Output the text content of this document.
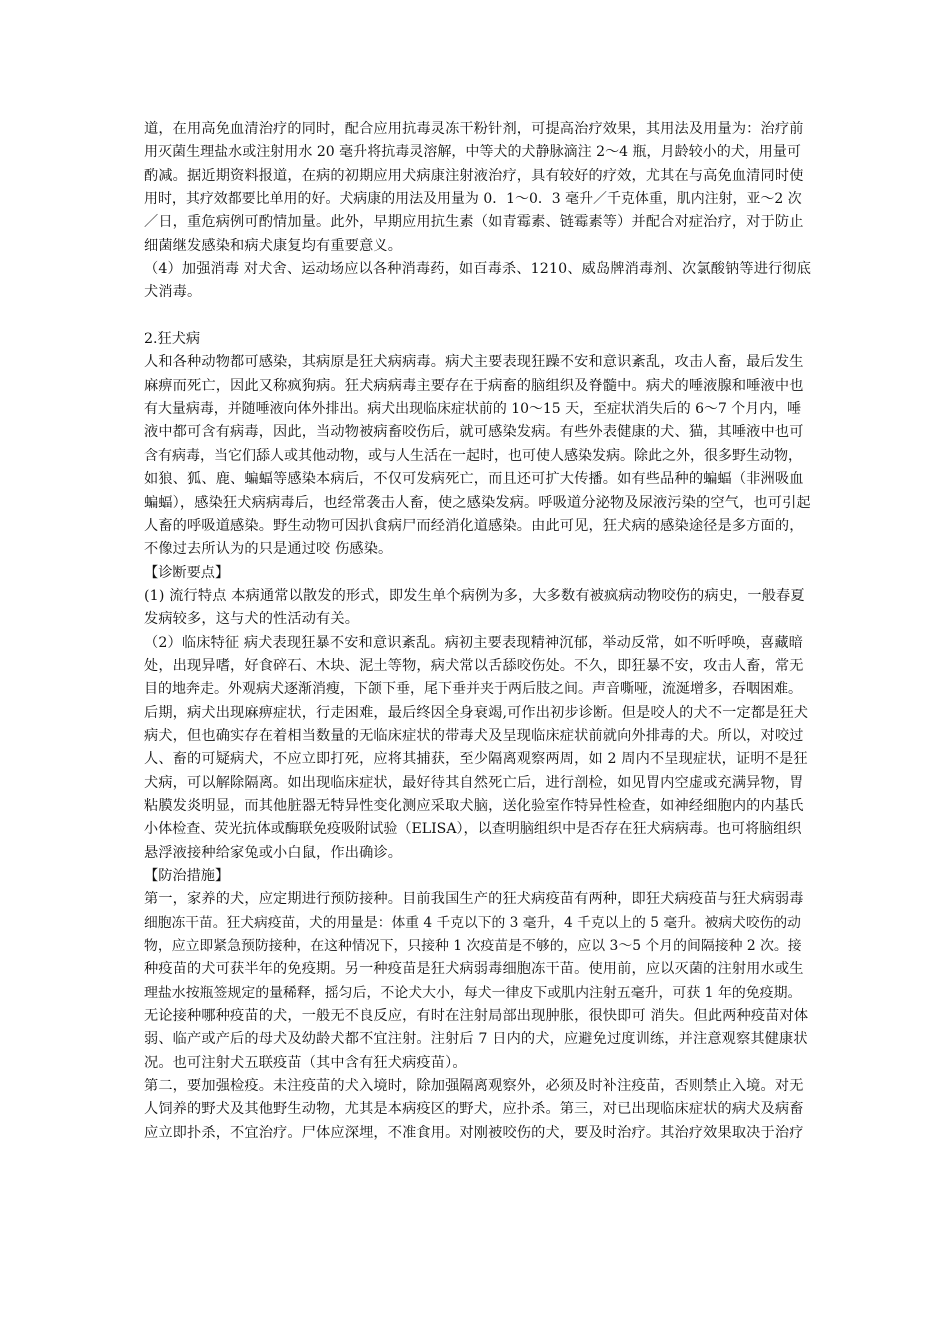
道，在用高免血清治疗的同时，配合应用抗毒灵冻干粉针剂，可提高治疗效果，其用法及用量为：治疗前
用灭菌生理盐水或注射用水 20 毫升将抗毒灵溶解，中等犬的犬静脉滴注 2～4 瓶，月龄较小的犬，用量可
酌减。据近期资料报道，在病的初期应用犬病康注射液治疗，具有较好的疗效，尤其在与高免血清同时使
用时，其疗效都要比单用的好。犬病康的用法及用量为 0．1～0．3 毫升／千克体重，肌内注射，亚～2 次
／日，重危病例可酌情加量。此外，早期应用抗生素（如青霉素、链霉素等）并配合对症治疗，对于防止
细菌继发感染和病犬康复均有重要意义。
（4）加强消毒 对犬舍、运动场应以各种消毒药，如百毒杀、1210、威岛牌消毒剂、次氯酸钠等进行彻底
犬消毒。
2.狂犬病
人和各种动物都可感染，其病原是狂犬病病毒。病犬主要表现狂躁不安和意识紊乱，攻击人畜，最后发生
麻痹而死亡，因此又称疯狗病。狂犬病病毒主要存在于病畜的脑组织及脊髓中。病犬的唾液腺和唾液中也
有大量病毒，并随唾液向体外排出。病犬出现临床症状前的 10～15 天，至症状消失后的 6～7 个月内，唾
液中都可含有病毒，因此，当动物被病畜咬伤后，就可感染发病。有些外表健康的犬、猫，其唾液中也可
含有病毒，当它们舔人或其他动物，或与人生活在一起时，也可使人感染发病。除此之外，很多野生动物，
如狼、狐、鹿、蝙蝠等感染本病后，不仅可发病死亡，而且还可扩大传播。如有些品种的蝙蝠（非洲吸血
蝙蝠），感染狂犬病病毒后，也经常袭击人畜，使之感染发病。呼吸道分泌物及尿液污染的空气，也可引起
人畜的呼吸道感染。野生动物可因扒食病尸而经消化道感染。由此可见，狂犬病的感染途径是多方面的，
不像过去所认为的只是通过咬 伤感染。
【诊断要点】
(1) 流行特点 本病通常以散发的形式，即发生单个病例为多，大多数有被疯病动物咬伤的病史，一般春夏
发病较多，这与犬的性活动有关。
（2）临床特征 病犬表现狂暴不安和意识紊乱。病初主要表现精神沉郁，举动反常，如不听呼唤，喜藏暗
处，出现异嗜，好食碎石、木块、泥土等物，病犬常以舌舔咬伤处。不久，即狂暴不安，攻击人畜，常无
目的地奔走。外观病犬逐渐消瘦，下颌下垂，尾下垂并夹于两后肢之间。声音嘶哑，流涎增多，吞咽困难。
后期，病犬出现麻痹症状，行走困难，最后终因全身衰竭,可作出初步诊断。但是咬人的犬不一定都是狂犬
病犬，但也确实存在着相当数量的无临床症状的带毒犬及呈现临床症状前就向外排毒的犬。所以，对咬过
人、畜的可疑病犬，不应立即打死，应将其捕获，至少隔离观察两周，如 2 周内不呈现症状，证明不是狂
犬病，可以解除隔离。如出现临床症状，最好待其自然死亡后，进行剖检，如见胃内空虚或充满异物，胃
粘膜发炎明显，而其他脏器无特异性变化测应采取犬脑，送化验室作特异性检查，如神经细胞内的内基氏
小体检查、荧光抗体或酶联免疫吸附试验（ELISA），以查明脑组织中是否存在狂犬病病毒。也可将脑组织
悬浮液接种给家兔或小白鼠，作出确诊。
【防治措施】
第一，家养的犬，应定期进行预防接种。目前我国生产的狂犬病疫苗有两种，即狂犬病疫苗与狂犬病弱毒
细胞冻干苗。狂犬病疫苗，犬的用量是：体重 4 千克以下的 3 毫升，4 千克以上的 5 毫升。被病犬咬伤的动
物，应立即紧急预防接种，在这种情况下，只接种 1 次疫苗是不够的，应以 3～5 个月的间隔接种 2 次。接
种疫苗的犬可获半年的免疫期。另一种疫苗是狂犬病弱毒细胞冻干苗。使用前，应以灭菌的注射用水或生
理盐水按瓶签规定的量稀释，摇匀后，不论犬大小，每犬一律皮下或肌内注射五毫升，可获 1 年的免疫期。
无论接种哪种疫苗的犬，一般无不良反应，有时在注射局部出现肿胀，很快即可 消失。但此两种疫苗对体
弱、临产或产后的母犬及幼龄犬都不宜注射。注射后 7 日内的犬，应避免过度训练，并注意观察其健康状
况。也可注射犬五联疫苗（其中含有狂犬病疫苗）。
第二，要加强检疫。未注疫苗的犬入境时，除加强隔离观察外，必须及时补注疫苗，否则禁止入境。对无
人饲养的野犬及其他野生动物，尤其是本病疫区的野犬，应扑杀。第三，对已出现临床症状的病犬及病畜
应立即扑杀，不宜治疗。尸体应深埋，不准食用。对刚被咬伤的犬，要及时治疗。其治疗效果取决于治疗
